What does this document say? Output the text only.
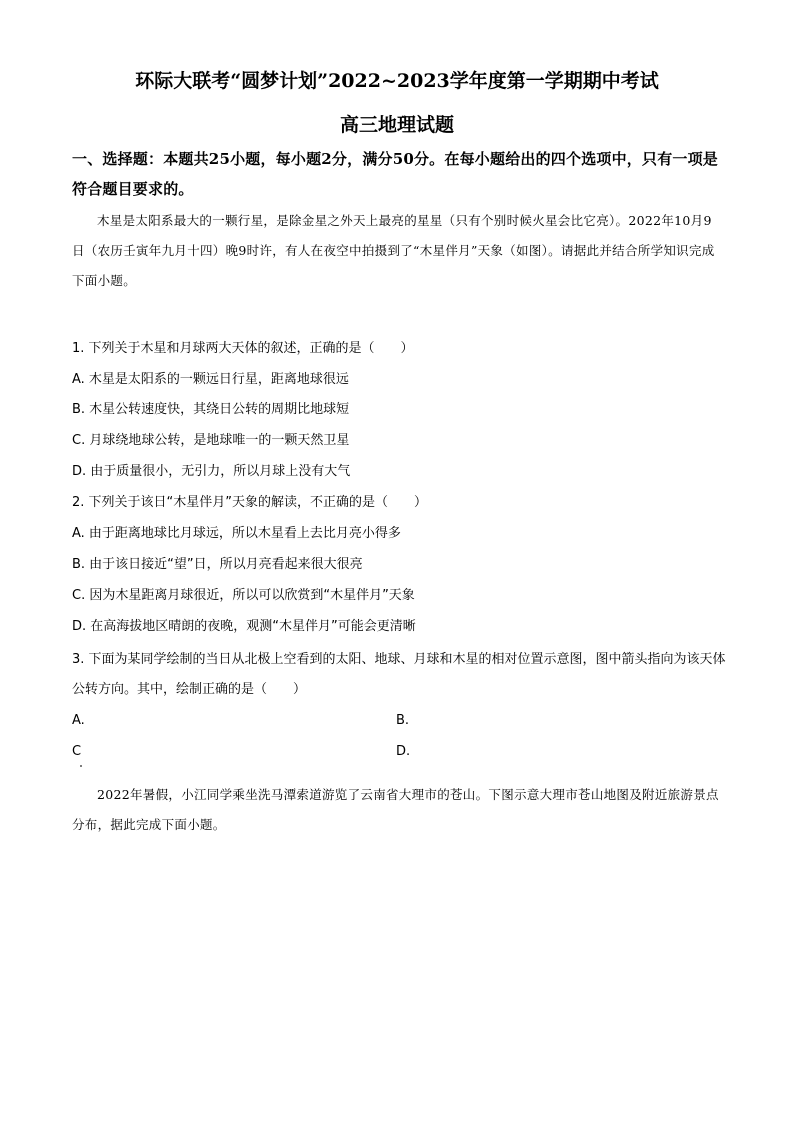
环际大联考“圆梦计划”2022~2023学年度第一学期期中考试
高三地理试题
一、选择题：本题共25小题，每小题2分，满分50分。在每小题给出的四个选项中，只有一项是符合题目要求的。
木星是太阳系最大的一颗行星，是除金星之外天上最亮的星星（只有个别时候火星会比它亮）。2022年10月9日（农历壬寅年九月十四）晚9时许，有人在夜空中拍摄到了“木星伴月”天象（如图）。请据此并结合所学知识完成下面小题。
1. 下列关于木星和月球两大天体的叙述，正确的是（　　）
A. 木星是太阳系的一颗远日行星，距离地球很远
B. 木星公转速度快，其绕日公转的周期比地球短
C. 月球绕地球公转，是地球唯一的一颗天然卫星
D. 由于质量很小，无引力，所以月球上没有大气
2. 下列关于该日“木星伴月”天象的解读，不正确的是（　　）
A. 由于距离地球比月球远，所以木星看上去比月亮小得多
B. 由于该日接近“望”日，所以月亮看起来很大很亮
C. 因为木星距离月球很近，所以可以欣赏到“木星伴月”天象
D. 在高海拔地区晴朗的夜晚，观测“木星伴月”可能会更清晰
3. 下面为某同学绘制的当日从北极上空看到的太阳、地球、月球和木星的相对位置示意图，图中箭头指向为该天体公转方向。其中，绘制正确的是（　　）
A.	B.
C	D.
2022年暑假，小江同学乘坐洗马潭索道游览了云南省大理市的苍山。下图示意大理市苍山地图及附近旅游景点分布，据此完成下面小题。
